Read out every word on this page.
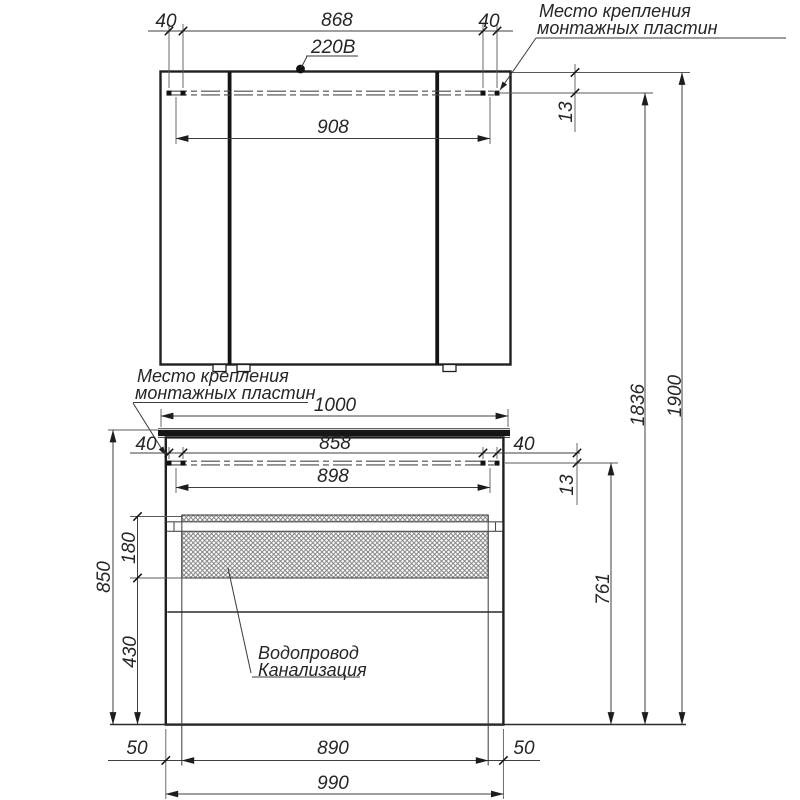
220В
40	868	40
908
Место крепления
монтажных пластин
13
1836 1900
Место крепления
монтажных пластин
1000
40	858	40
898	13
761
850
180
430	Водопровод
Канализация
50	890	50
990
